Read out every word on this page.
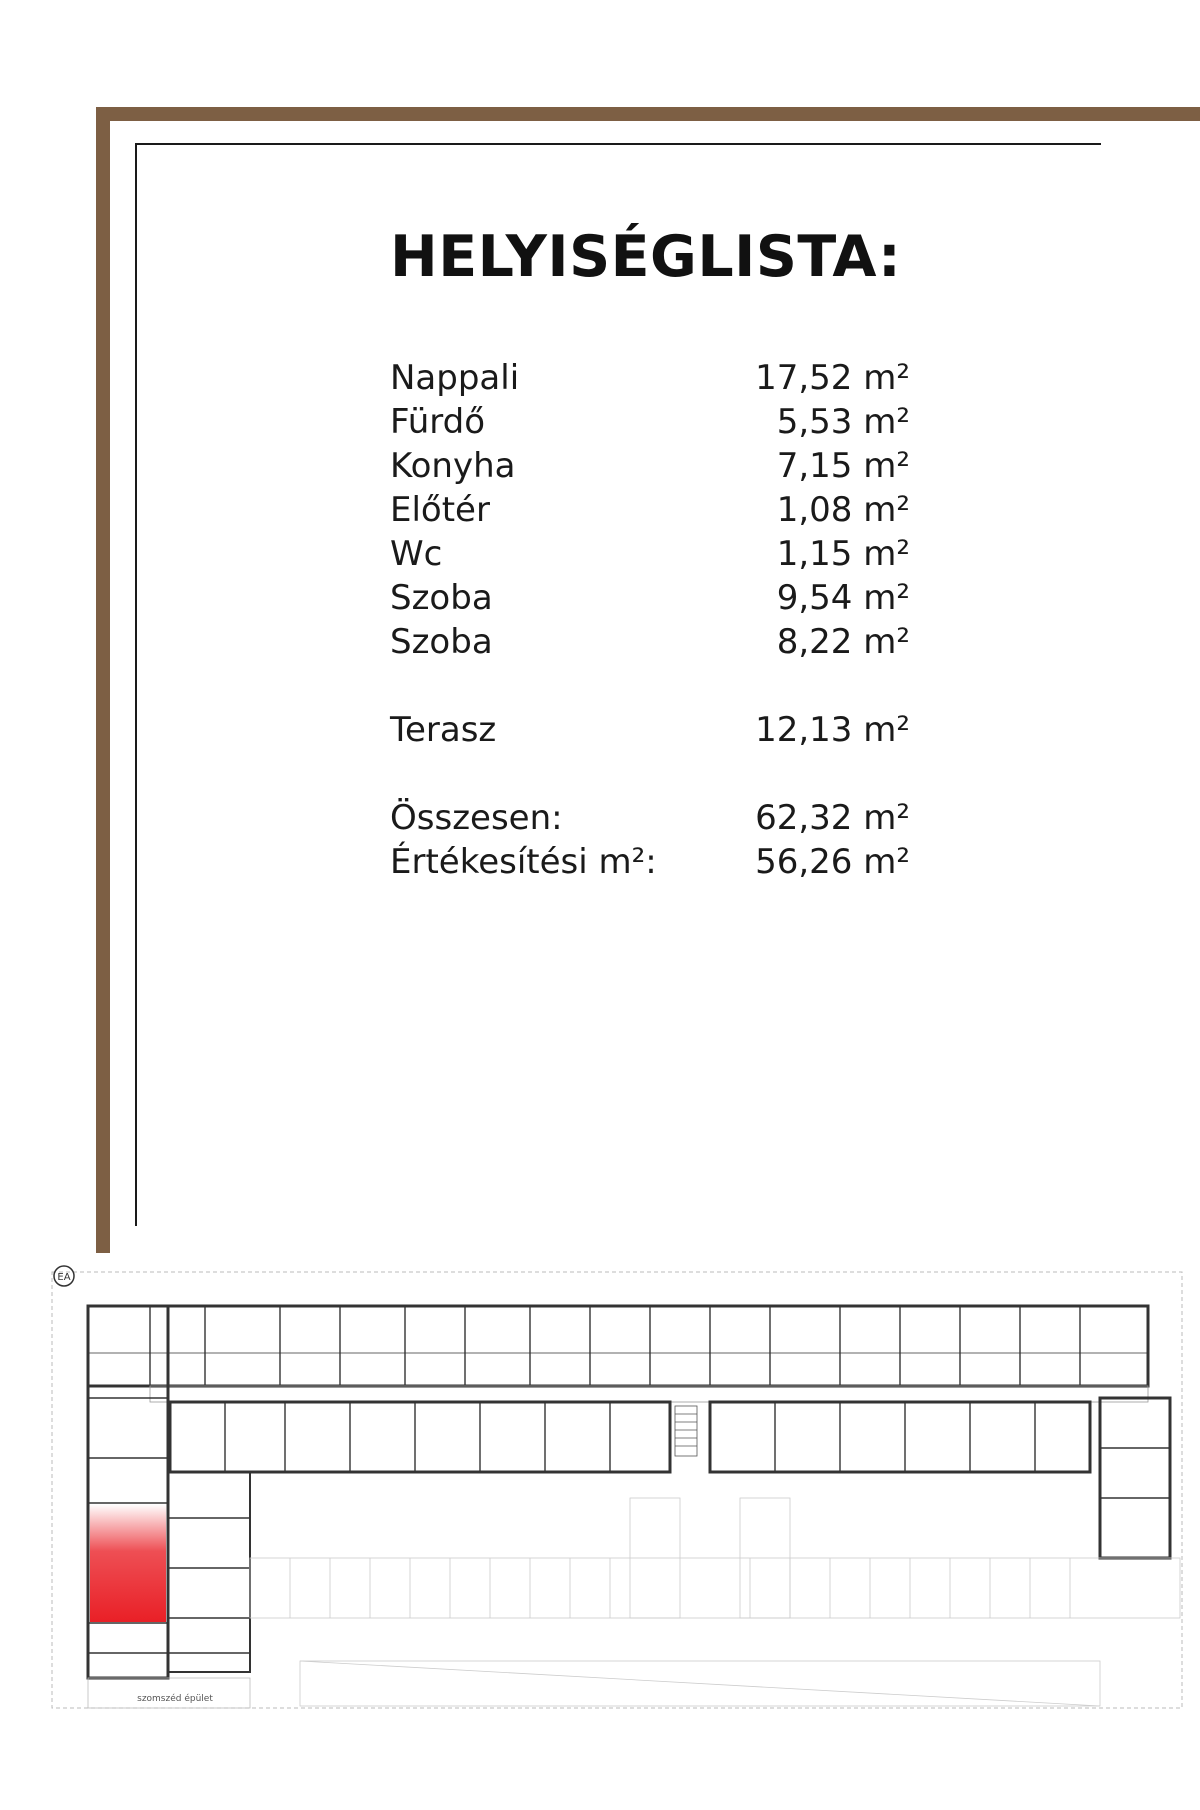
HELYISÉGLISTA:
Nappali	17,52 m²
Fürdő	5,53 m²
Konyha	7,15 m²
Előtér	1,08 m²
Wc	1,15 m²
Szoba	9,54 m²
Szoba	8,22 m²
Terasz	12,13 m²
Összesen:	62,32 m²
Értékesítési m²:	56,26 m²
EA
szomszéd épület
